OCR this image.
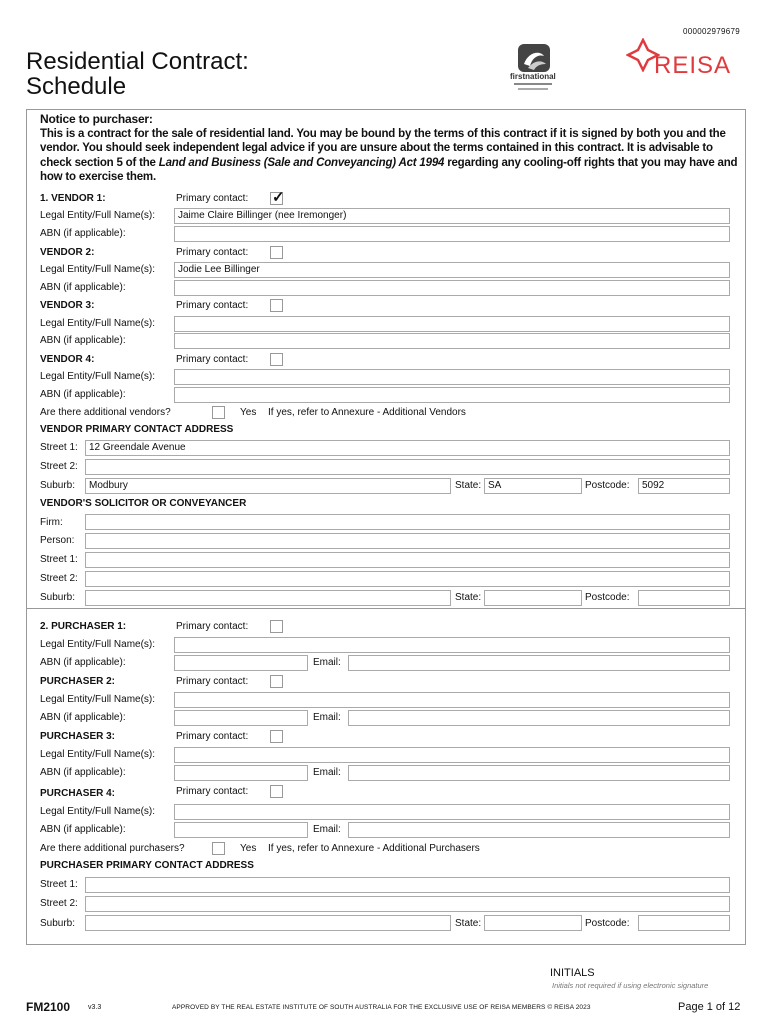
000002979679
Residential Contract:
Schedule	firstnational	REISA
Notice to purchaser:
This is a contract for the sale of residential land. You may be bound by the terms of this contract if it is signed by both you and the vendor. You should seek independent legal advice if you are unsure about the terms contained in this contract. It is advisable to check section 5 of the Land and Business (Sale and Conveyancing) Act 1994 regarding any cooling-off rights that you may have and how to exercise them.
1. VENDOR 1:	Primary contact: ✓
Legal Entity/Full Name(s):	Jaime Claire Billinger (nee Iremonger)
ABN (if applicable):
VENDOR 2:	Primary contact:
Legal Entity/Full Name(s):	Jodie Lee Billinger
ABN (if applicable):
VENDOR 3:	Primary contact:
Legal Entity/Full Name(s):
ABN (if applicable):
VENDOR 4:	Primary contact:
Legal Entity/Full Name(s):
ABN (if applicable):
Are there additional vendors?	Yes If yes, refer to Annexure - Additional Vendors
VENDOR PRIMARY CONTACT ADDRESS
Street 1:	12 Greendale Avenue
Street 2:
Suburb:	Modbury	State: SA	Postcode:	5092
VENDOR'S SOLICITOR OR CONVEYANCER
Firm:
Person:
Street 1:
Street 2:
Suburb:	State:	Postcode:
2. PURCHASER 1:	Primary contact:
Legal Entity/Full Name(s):
ABN (if applicable):	Email:
PURCHASER 2:	Primary contact:
Legal Entity/Full Name(s):
ABN (if applicable):	Email:
PURCHASER 3:	Primary contact:
Legal Entity/Full Name(s):
ABN (if applicable):	Email:
PURCHASER 4:	Primary contact:
Legal Entity/Full Name(s):
ABN (if applicable):	Email:
Are there additional purchasers?	Yes If yes, refer to Annexure - Additional Purchasers
PURCHASER PRIMARY CONTACT ADDRESS
Street 1:
Street 2:
Suburb:	State:	Postcode:
INITIALS
Initials not required if using electronic signature
FM2100	v3.3	APPROVED BY THE REAL ESTATE INSTITUTE OF SOUTH AUSTRALIA FOR THE EXCLUSIVE USE OF REISA MEMBERS © REISA 2023	Page 1 of 12
